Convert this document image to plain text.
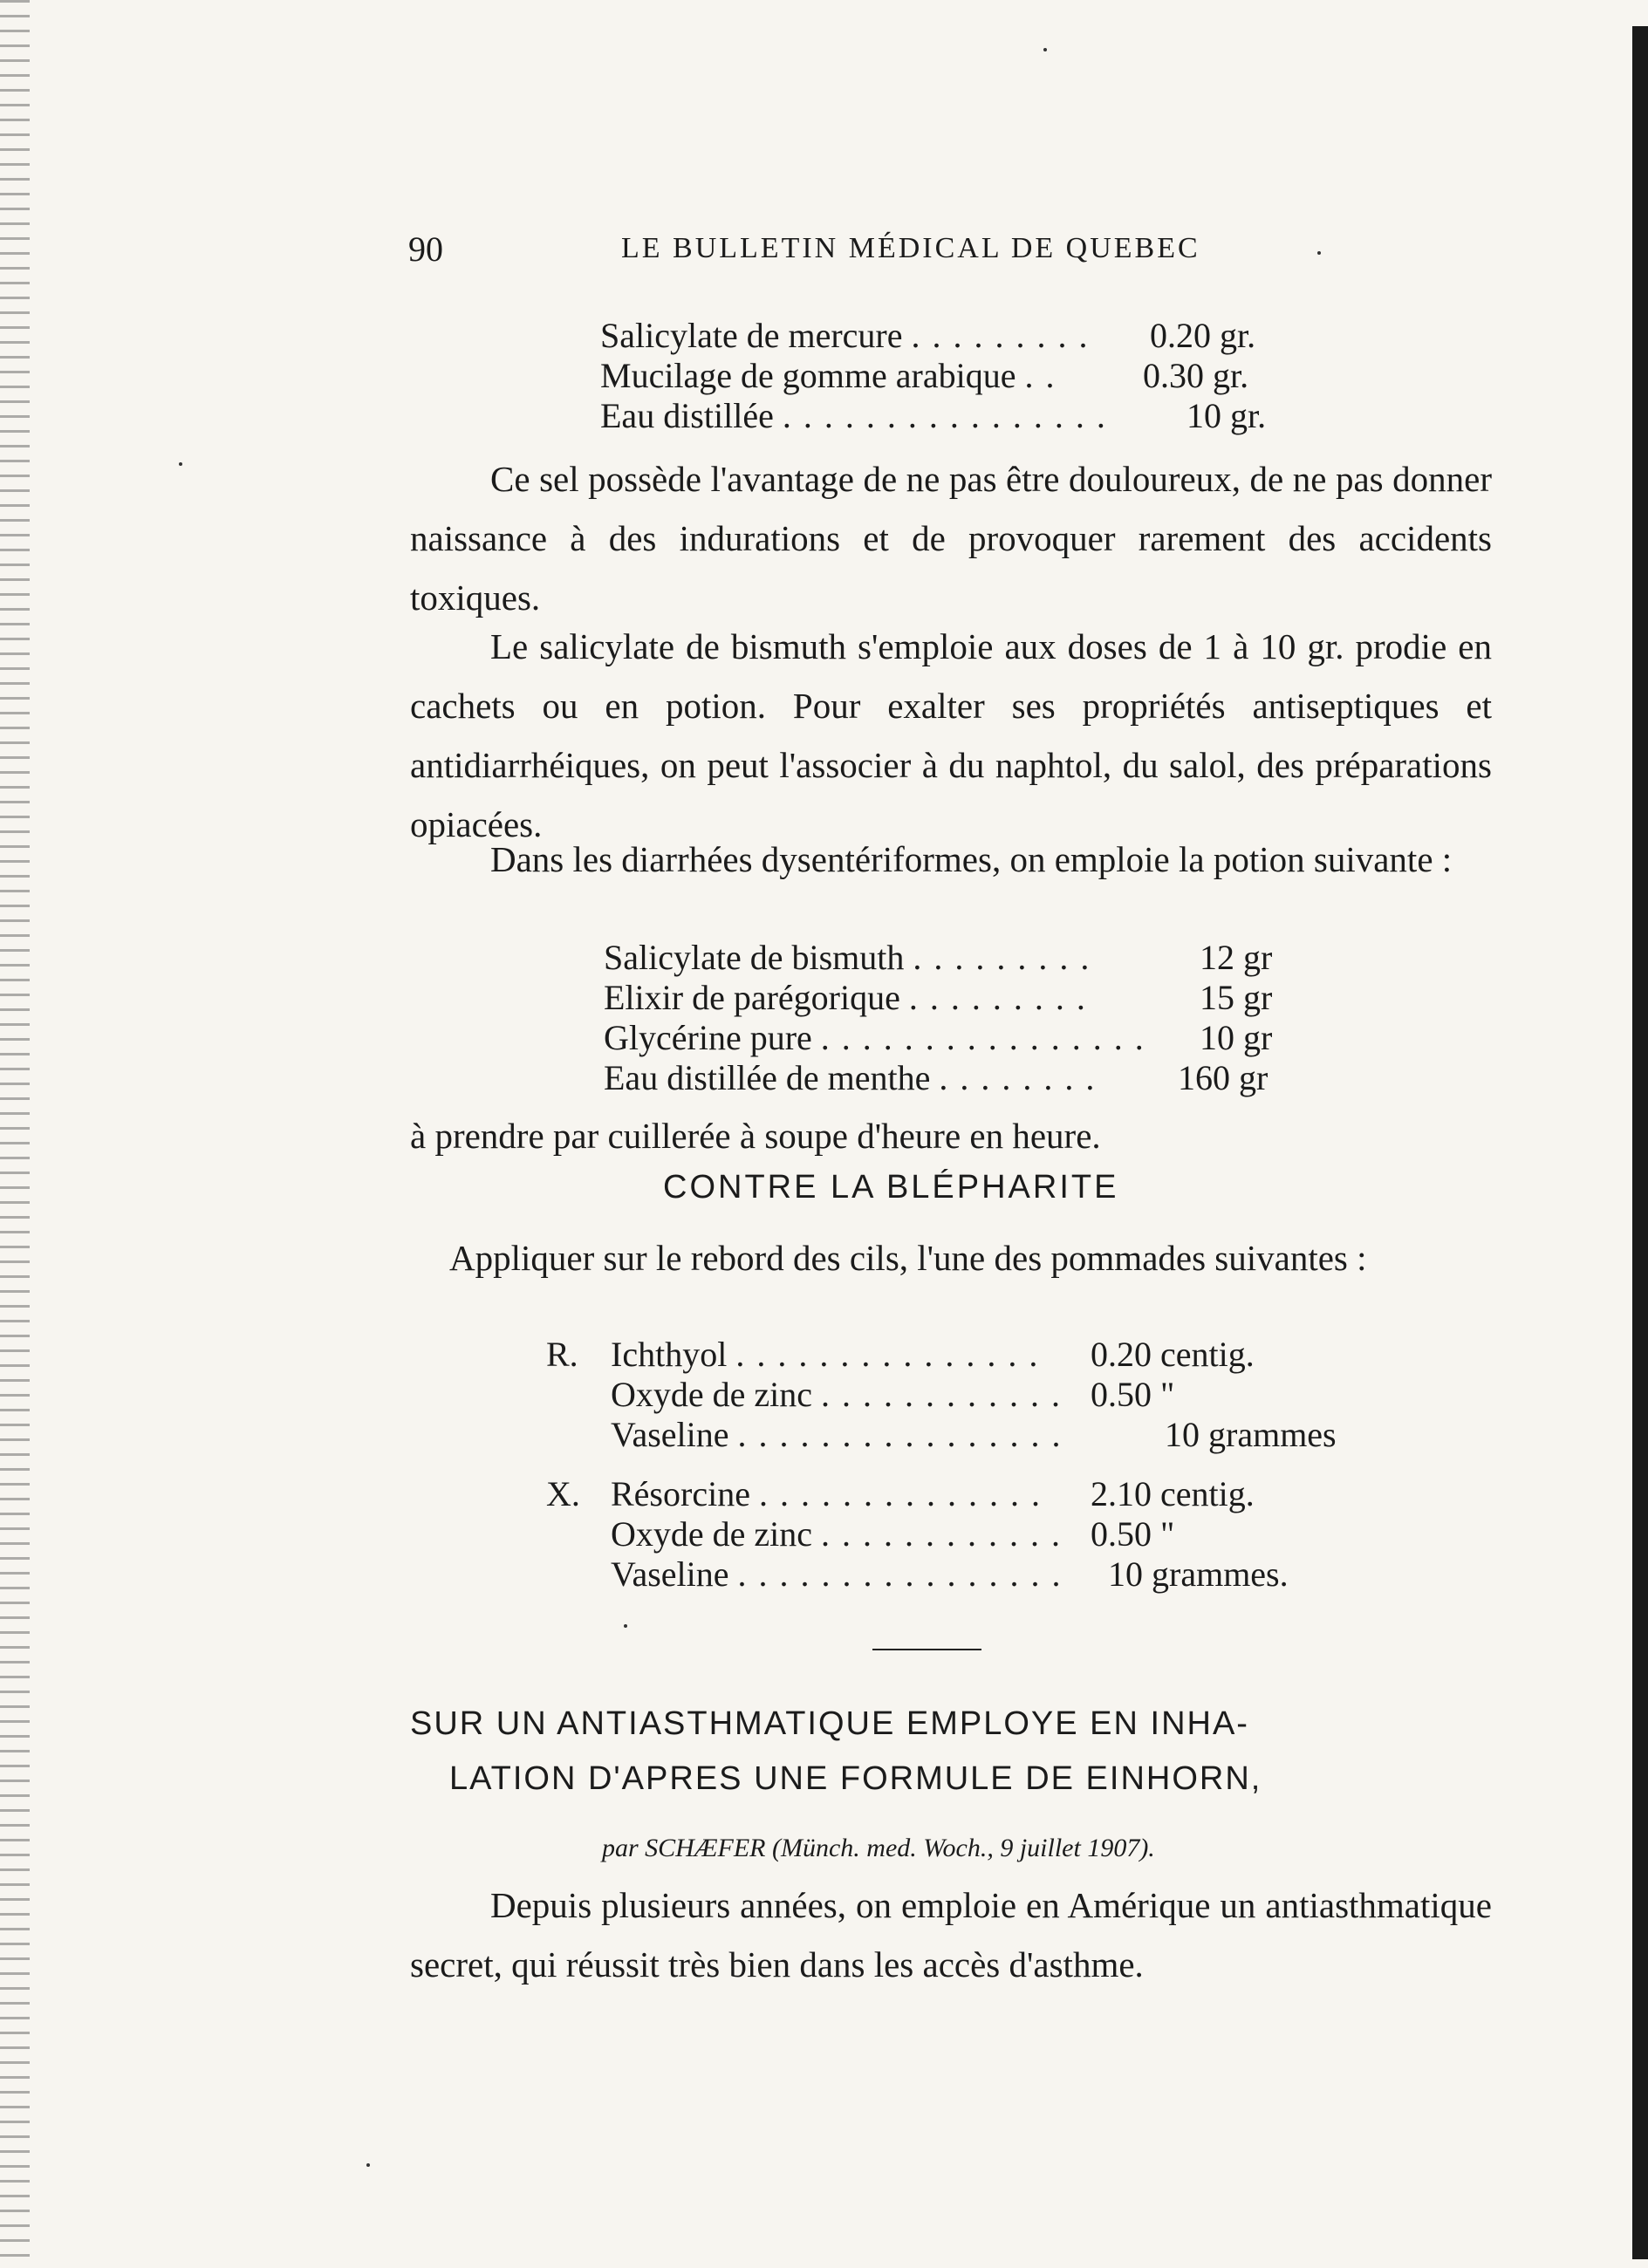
90	LE BULLETIN MÉDICAL DE QUEBEC
Salicylate de mercure . . . . . . . . . 0.20 gr.
Mucilage de gomme arabique . . 0.30 gr.
Eau distillée . . . . . . . . . . . . . . . . 10 gr.
Ce sel possède l'avantage de ne pas être douloureux, de ne pas donner naissance à des indurations et de provoquer rarement des accidents toxiques.
Le salicylate de bismuth s'emploie aux doses de 1 à 10 gr. prodie en cachets ou en potion. Pour exalter ses propriétés antiseptiques et antidiarrhéiques, on peut l'associer à du naphtol, du salol, des préparations opiacées.
Dans les diarrhées dysentériformes, on emploie la potion suivante :
Salicylate de bismuth . . . . . . . . .	12 gr
Elixir de parégorique . . . . . . . . .	15 gr
Glycérine pure . . . . . . . . . . . . . . . . 10 gr
Eau distillée de menthe . . . . . . . . 160 gr
à prendre par cuillerée à soupe d'heure en heure.
CONTRE LA BLÉPHARITE
Appliquer sur le rebord des cils, l'une des pommades suivantes :
R. Ichthyol . . . . . . . . . . . . . . . 0.20 centig.
Oxyde de zinc . . . . . . . . . . . . 0.50 "
Vaseline . . . . . . . . . . . . . . . .	10 grammes
X. Résorcine . . . . . . . . . . . . . . 2.10 centig.
Oxyde de zinc . . . . . . . . . . . . 0.50 "
Vaseline . . . . . . . . . . . . . . . . 10 grammes.
SUR UN ANTIASTHMATIQUE EMPLOYE EN INHA-
LATION D'APRES UNE FORMULE DE EINHORN,
par SCHÆFER (Münch. med. Woch., 9 juillet 1907).
Depuis plusieurs années, on emploie en Amérique un antiasthmatique secret, qui réussit très bien dans les accès d'asthme.
